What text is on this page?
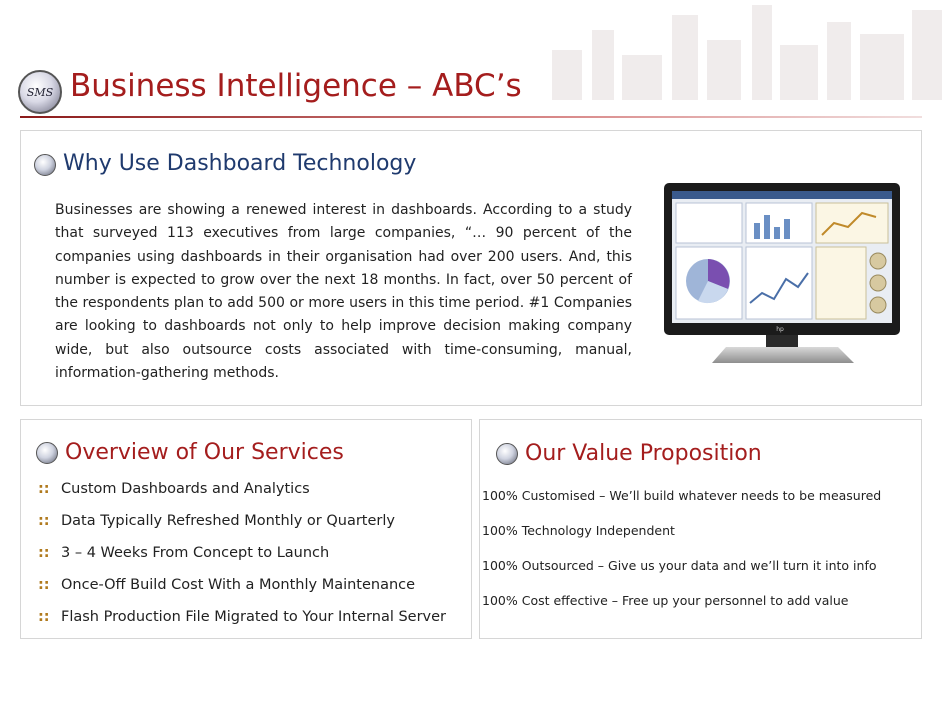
SMS Business Intelligence – ABC’s
Why Use Dashboard Technology

Businesses are showing a renewed interest in dashboards. According to a study that surveyed 113 executives from large companies, “… 90 percent of the companies using dashboards in their organisation had over 200 users. And, this number is expected to grow over the next 18 months. In fact, over 50 percent of the respondents plan to add 500 or more users in this time period. #1 Companies are looking to dashboards not only to help improve decision making company wide, but also outsource costs associated with time-consuming, manual, information-gathering methods.

hp
Overview of Our Services
:: Custom Dashboards and Analytics
:: Data Typically Refreshed Monthly or Quarterly
:: 3 – 4 Weeks From Concept to Launch
:: Once-Off Build Cost With a Monthly Maintenance
:: Flash Production File Migrated to Your Internal Server
Our Value Proposition
100% Customised – We’ll build whatever needs to be measured
100% Technology Independent
100% Outsourced – Give us your data and we’ll turn it into info
100% Cost effective – Free up your personnel to add value
